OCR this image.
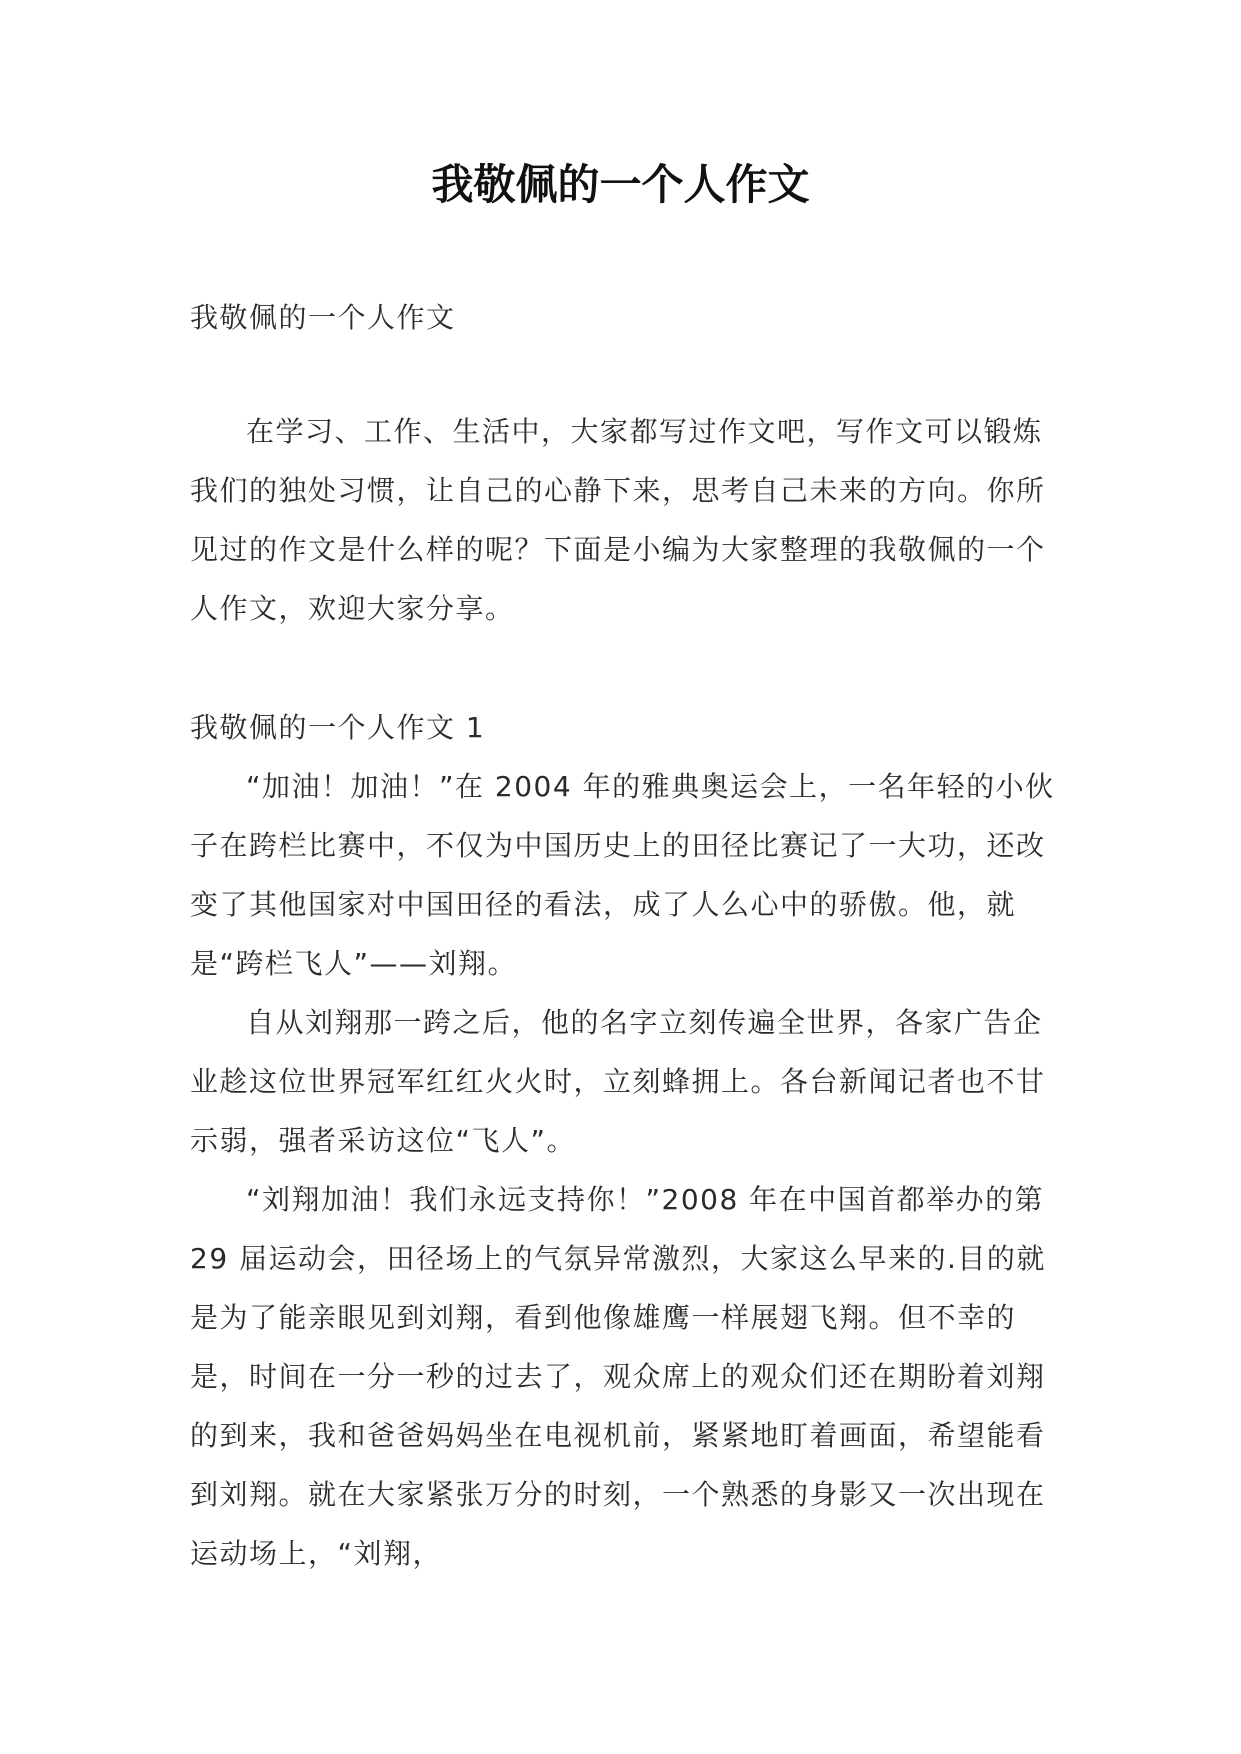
我敬佩的一个人作文

我敬佩的一个人作文

在学习、工作、生活中，大家都写过作文吧，写作文可以锻炼我们的独处习惯，让自己的心静下来，思考自己未来的方向。你所见过的作文是什么样的呢？下面是小编为大家整理的我敬佩的一个人作文，欢迎大家分享。

我敬佩的一个人作文 1

“加油！加油！”在 2004 年的雅典奥运会上，一名年轻的小伙子在跨栏比赛中，不仅为中国历史上的田径比赛记了一大功，还改变了其他国家对中国田径的看法，成了人么心中的骄傲。他，就是“跨栏飞人”——刘翔。

自从刘翔那一跨之后，他的名字立刻传遍全世界，各家广告企业趁这位世界冠军红红火火时，立刻蜂拥上。各台新闻记者也不甘示弱，强者采访这位“飞人”。

“刘翔加油！我们永远支持你！”2008 年在中国首都举办的第 29 届运动会，田径场上的气氛异常激烈，大家这么早来的.目的就是为了能亲眼见到刘翔，看到他像雄鹰一样展翅飞翔。但不幸的是，时间在一分一秒的过去了，观众席上的观众们还在期盼着刘翔的到来，我和爸爸妈妈坐在电视机前，紧紧地盯着画面，希望能看到刘翔。就在大家紧张万分的时刻，一个熟悉的身影又一次出现在运动场上，“刘翔，
